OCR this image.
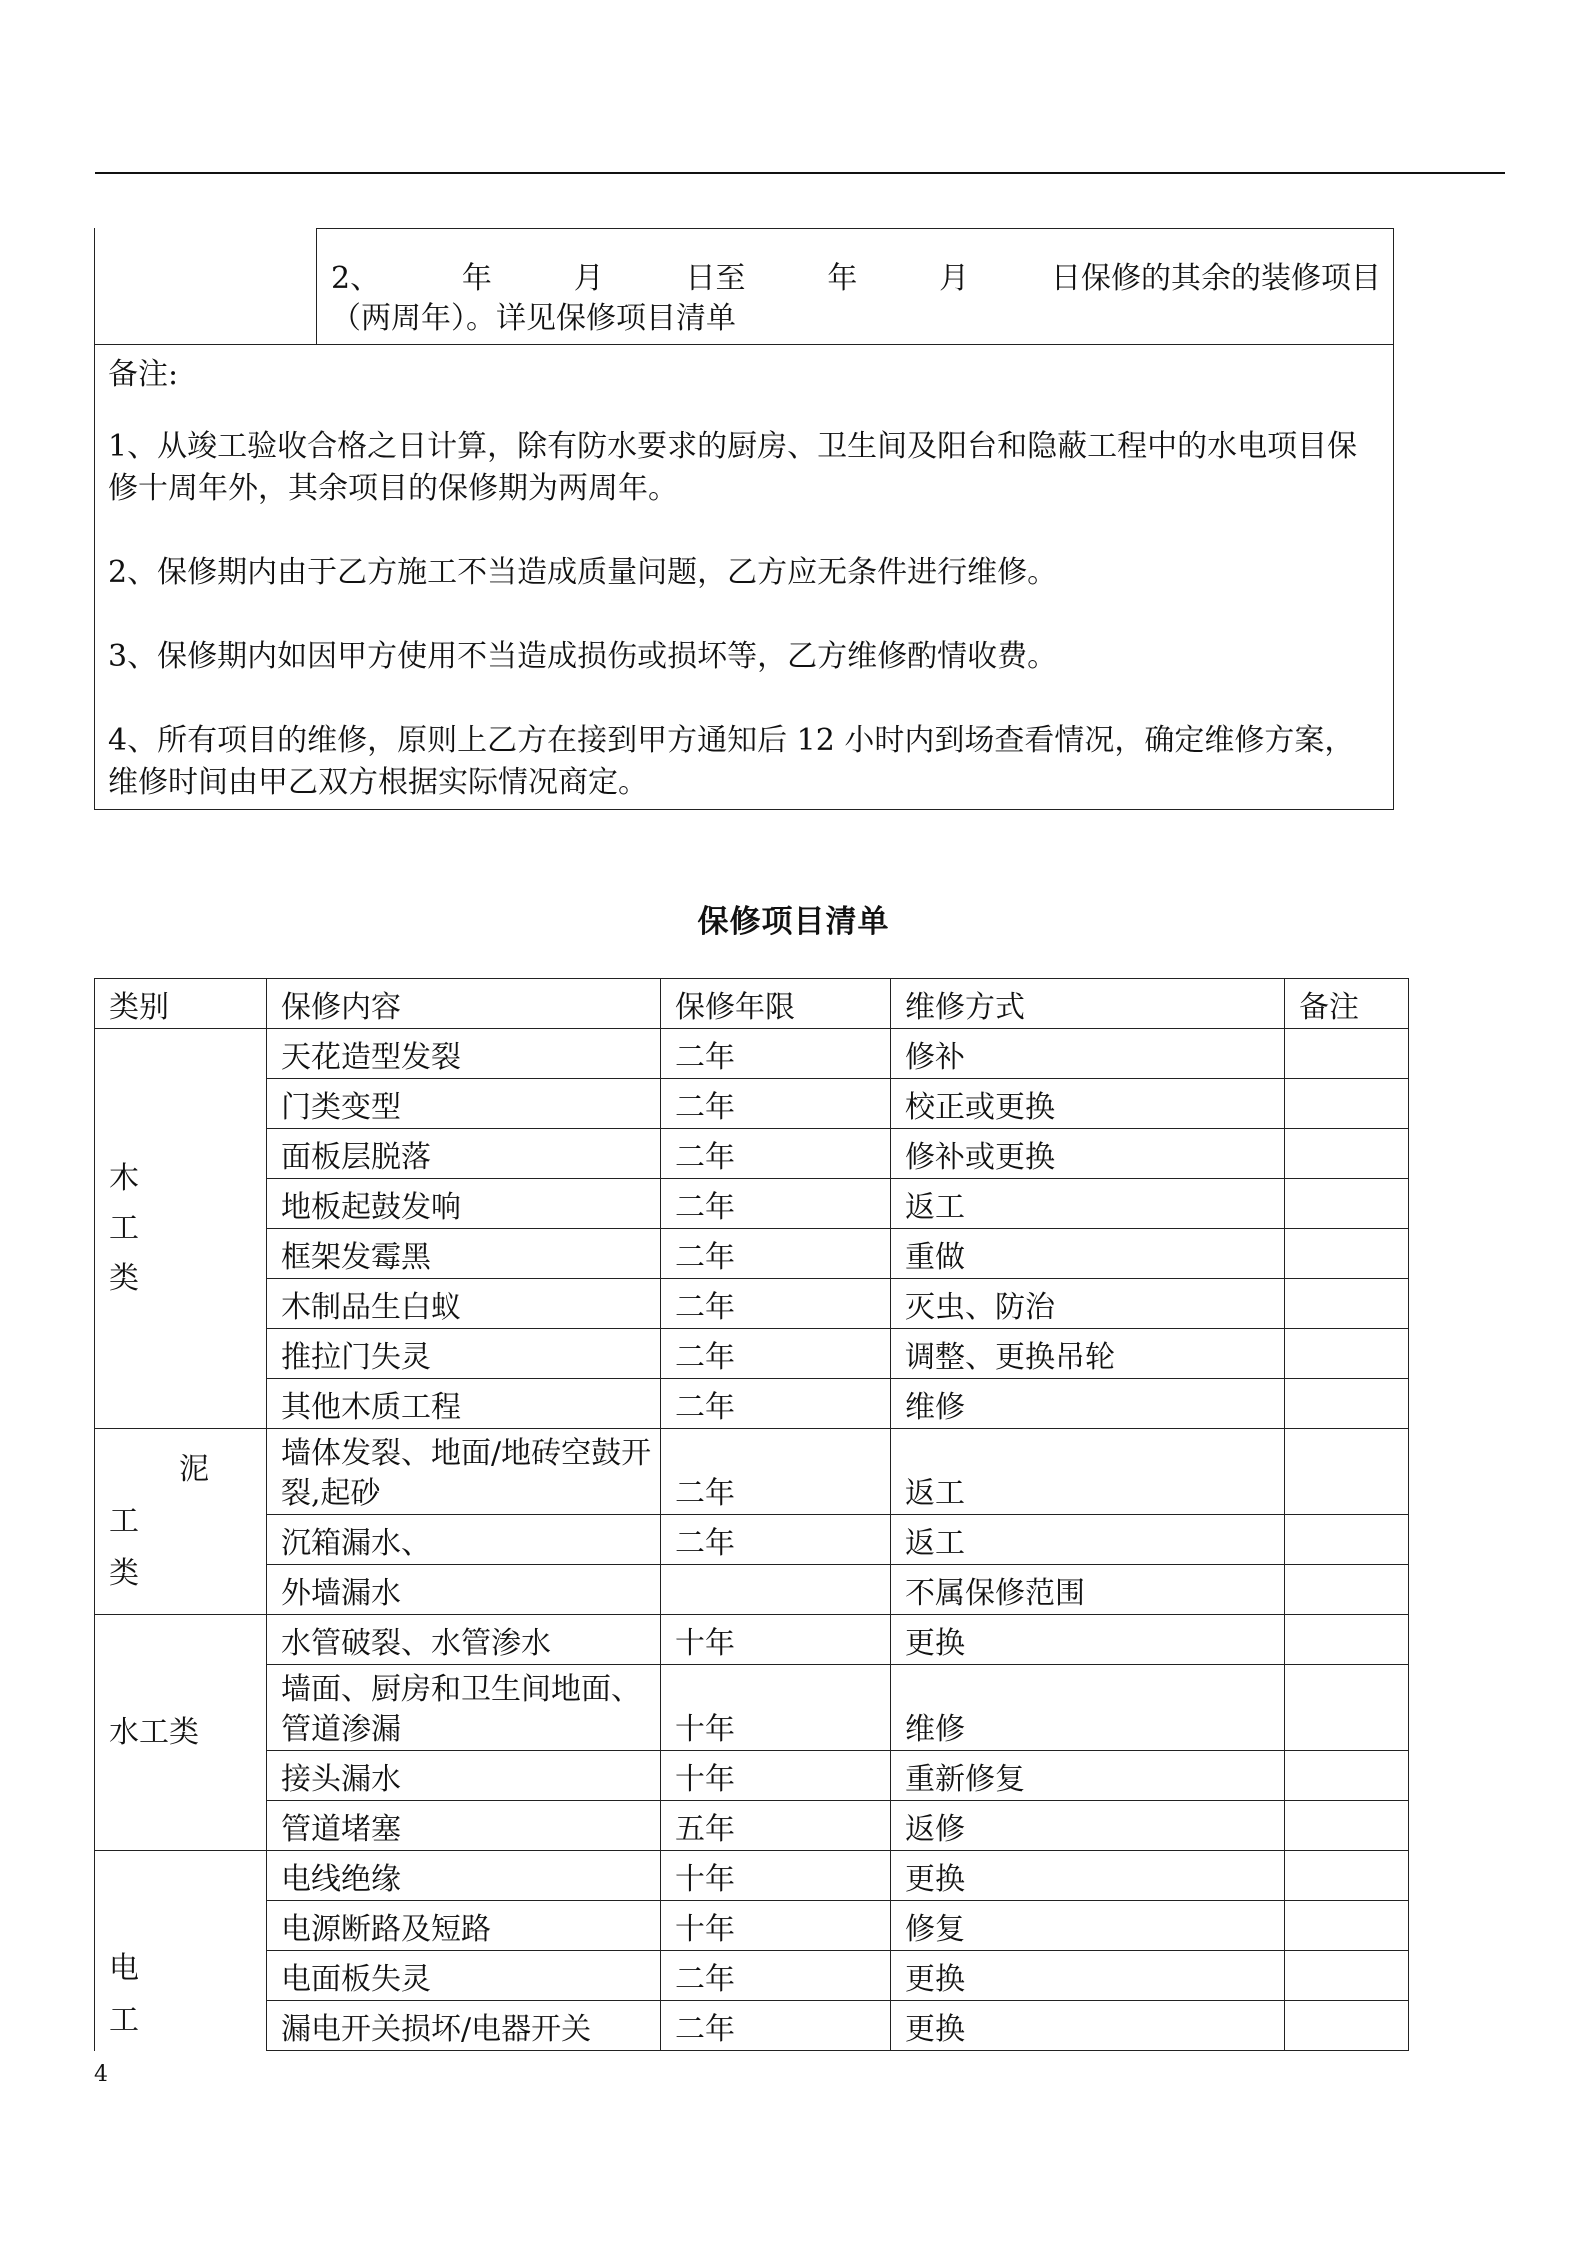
2、	年	月	日至	年	月	日保修的其余的装修项目
（两周年）。详见保修项目清单

备注:

1、从竣工验收合格之日计算，除有防水要求的厨房、卫生间及阳台和隐蔽工程中的水电项目保修十周年外，其余项目的保修期为两周年。

2、保修期内由于乙方施工不当造成质量问题，乙方应无条件进行维修。

3、保修期内如因甲方使用不当造成损伤或损坏等，乙方维修酌情收费。

4、所有项目的维修，原则上乙方在接到甲方通知后 12 小时内到场查看情况，确定维修方案，维修时间由甲乙双方根据实际情况商定。

保修项目清单
类别	保修内容	保修年限	维修方式	备注

木
工
类	天花造型发裂	二年	修补	
	门类变型	二年	校正或更换	
	面板层脱落	二年	修补或更换	
	地板起鼓发响	二年	返工	
	框架发霉黑	二年	重做	
	木制品生白蚁	二年	灭虫、防治	
	推拉门失灵	二年	调整、更换吊轮	
	其他木质工程	二年	维修	

泥
工
类	墙体发裂、地面/地砖空鼓开裂,起砂	二年	返工	
	沉箱漏水、	二年	返工	
	外墙漏水		不属保修范围	
水工类	水管破裂、水管渗水	十年	更换	
	墙面、厨房和卫生间地面、管道渗漏	十年	维修	
	接头漏水	十年	重新修复	
	管道堵塞	五年	返修	

电
工	电线绝缘	十年	更换	
	电源断路及短路	十年	修复	
	电面板失灵	二年	更换	
	漏电开关损坏/电器开关	二年	更换	
4
